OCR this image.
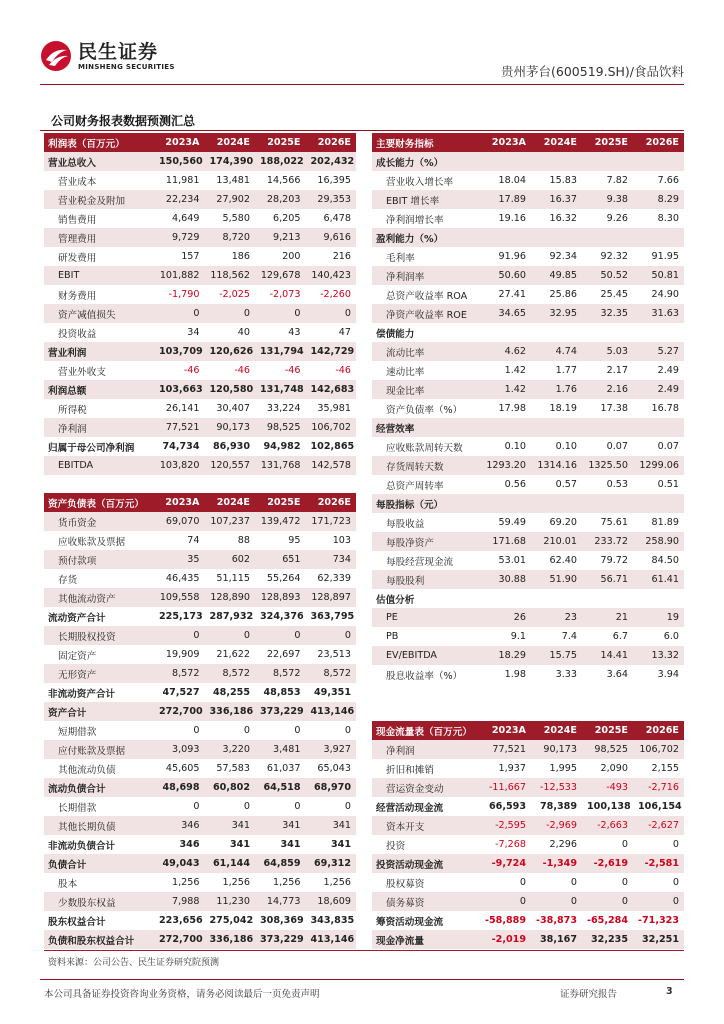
民生证券
MINSHENG SECURITIES	贵州茅台(600519.SH)/食品饮料
公司财务报表数据预测汇总
利润表（百万元）	2023A	2024E	2025E	2026E
营业总收入	150,560	174,390	188,022	202,432
营业成本	11,981	13,481	14,566	16,395
营业税金及附加	22,234	27,902	28,203	29,353
销售费用	4,649	5,580	6,205	6,478
管理费用	9,729	8,720	9,213	9,616
研发费用	157	186	200	216
EBIT	101,882	118,562	129,678	140,423
财务费用	-1,790	-2,025	-2,073	-2,260
资产减值损失	0	0	0	0
投资收益	34	40	43	47
营业利润	103,709	120,626	131,794	142,729
营业外收支	-46	-46	-46	-46
利润总额	103,663	120,580	131,748	142,683
所得税	26,141	30,407	33,224	35,981
净利润	77,521	90,173	98,525	106,702
归属于母公司净利润	74,734	86,930	94,982	102,865
EBITDA	103,820	120,557	131,768	142,578
主要财务指标	2023A	2024E	2025E	2026E
成长能力（%）				
营业收入增长率	18.04	15.83	7.82	7.66
EBIT 增长率	17.89	16.37	9.38	8.29
净利润增长率	19.16	16.32	9.26	8.30
盈利能力（%）				
毛利率	91.96	92.34	92.32	91.95
净利润率	50.60	49.85	50.52	50.81
总资产收益率 ROA	27.41	25.86	25.45	24.90
净资产收益率 ROE	34.65	32.95	32.35	31.63
偿债能力				
流动比率	4.62	4.74	5.03	5.27
速动比率	1.42	1.77	2.17	2.49
现金比率	1.42	1.76	2.16	2.49
资产负债率（%）	17.98	18.19	17.38	16.78
经营效率				
应收账款周转天数	0.10	0.10	0.07	0.07
存货周转天数	1293.20	1314.16	1325.50	1299.06
总资产周转率	0.56	0.57	0.53	0.51
每股指标（元）				
每股收益	59.49	69.20	75.61	81.89
每股净资产	171.68	210.01	233.72	258.90
每股经营现金流	53.01	62.40	79.72	84.50
每股股利	30.88	51.90	56.71	61.41
估值分析				
PE	26	23	21	19
PB	9.1	7.4	6.7	6.0
EV/EBITDA	18.29	15.75	14.41	13.32
股息收益率（%）	1.98	3.33	3.64	3.94
资产负债表（百万元）	2023A	2024E	2025E	2026E
货币资金	69,070	107,237	139,472	171,723
应收账款及票据	74	88	95	103
预付款项	35	602	651	734
存货	46,435	51,115	55,264	62,339
其他流动资产	109,558	128,890	128,893	128,897
流动资产合计	225,173	287,932	324,376	363,795
长期股权投资	0	0	0	0
固定资产	19,909	21,622	22,697	23,513
无形资产	8,572	8,572	8,572	8,572
非流动资产合计	47,527	48,255	48,853	49,351
资产合计	272,700	336,186	373,229	413,146
短期借款	0	0	0	0
应付账款及票据	3,093	3,220	3,481	3,927
其他流动负债	45,605	57,583	61,037	65,043
流动负债合计	48,698	60,802	64,518	68,970
长期借款	0	0	0	0
其他长期负债	346	341	341	341
非流动负债合计	346	341	341	341
负债合计	49,043	61,144	64,859	69,312
股本	1,256	1,256	1,256	1,256
少数股东权益	7,988	11,230	14,773	18,609
股东权益合计	223,656	275,042	308,369	343,835
负债和股东权益合计	272,700	336,186	373,229	413,146
现金流量表（百万元）	2023A	2024E	2025E	2026E
净利润	77,521	90,173	98,525	106,702
折旧和摊销	1,937	1,995	2,090	2,155
营运资金变动	-11,667	-12,533	-493	-2,716
经营活动现金流	66,593	78,389	100,138	106,154
资本开支	-2,595	-2,969	-2,663	-2,627
投资	-7,268	2,296	0	0
投资活动现金流	-9,724	-1,349	-2,619	-2,581
股权募资	0	0	0	0
债务募资	0	0	0	0
筹资活动现金流	-58,889	-38,873	-65,284	-71,323
现金净流量	-2,019	38,167	32,235	32,251
资料来源：公司公告、民生证券研究院预测
本公司具备证券投资咨询业务资格，请务必阅读最后一页免责声明	证券研究报告	3
